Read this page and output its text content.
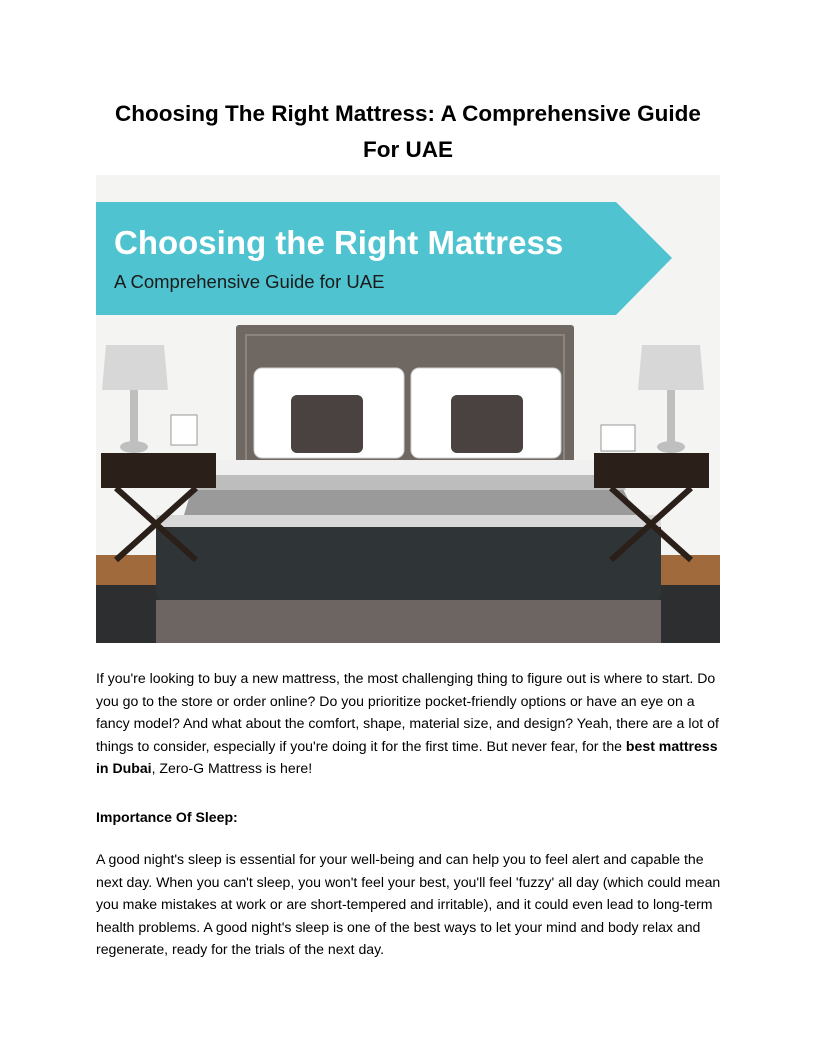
Choosing The Right Mattress: A Comprehensive Guide
For UAE
Choosing the Right Mattress
A Comprehensive Guide for UAE

If you're looking to buy a new mattress, the most challenging thing to figure out is where to start. Do you go to the store or order online? Do you prioritize pocket-friendly options or have an eye on a fancy model? And what about the comfort, shape, material size, and design? Yeah, there are a lot of things to consider, especially if you're doing it for the first time. But never fear, for the best mattress in Dubai, Zero-G Mattress is here!

Importance Of Sleep:

A good night's sleep is essential for your well-being and can help you to feel alert and capable the next day. When you can't sleep, you won't feel your best, you'll feel 'fuzzy' all day (which could mean you make mistakes at work or are short-tempered and irritable), and it could even lead to long-term health problems. A good night's sleep is one of the best ways to let your mind and body relax and regenerate, ready for the trials of the next day.
